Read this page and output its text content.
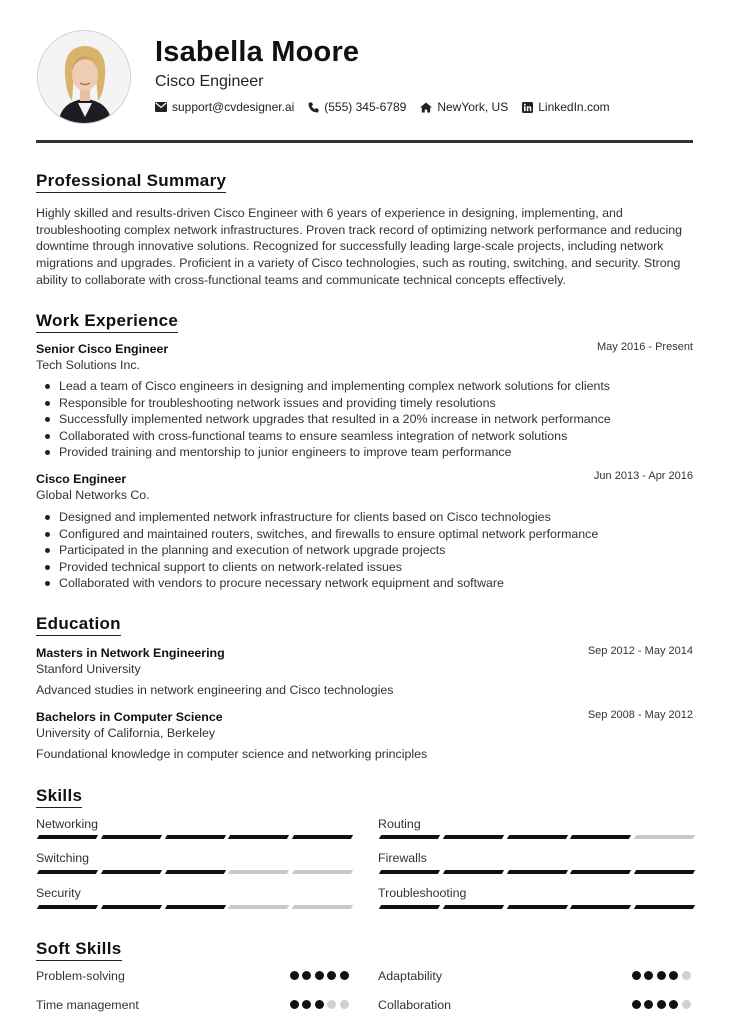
Isabella Moore
Cisco Engineer
support@cvdesigner.ai	(555) 345-6789	NewYork, US	LinkedIn.com
Professional Summary
Highly skilled and results-driven Cisco Engineer with 6 years of experience in designing, implementing, and troubleshooting complex network infrastructures. Proven track record of optimizing network performance and reducing downtime through innovative solutions. Recognized for successfully leading large-scale projects, including network migrations and upgrades. Proficient in a variety of Cisco technologies, such as routing, switching, and security. Strong ability to collaborate with cross-functional teams and communicate technical concepts effectively.
Work Experience
Senior Cisco Engineer	May 2016 - Present
Tech Solutions Inc.
Lead a team of Cisco engineers in designing and implementing complex network solutions for clients
Responsible for troubleshooting network issues and providing timely resolutions
Successfully implemented network upgrades that resulted in a 20% increase in network performance
Collaborated with cross-functional teams to ensure seamless integration of network solutions
Provided training and mentorship to junior engineers to improve team performance
Cisco Engineer	Jun 2013 - Apr 2016
Global Networks Co.
Designed and implemented network infrastructure for clients based on Cisco technologies
Configured and maintained routers, switches, and firewalls to ensure optimal network performance
Participated in the planning and execution of network upgrade projects
Provided technical support to clients on network-related issues
Collaborated with vendors to procure necessary network equipment and software
Education
Masters in Network Engineering	Sep 2012 - May 2014
Stanford University
Advanced studies in network engineering and Cisco technologies
Bachelors in Computer Science	Sep 2008 - May 2012
University of California, Berkeley
Foundational knowledge in computer science and networking principles
Skills
Networking	Routing
Switching	Firewalls
Security	Troubleshooting
Soft Skills
Problem-solving	Adaptability
Time management	Collaboration
